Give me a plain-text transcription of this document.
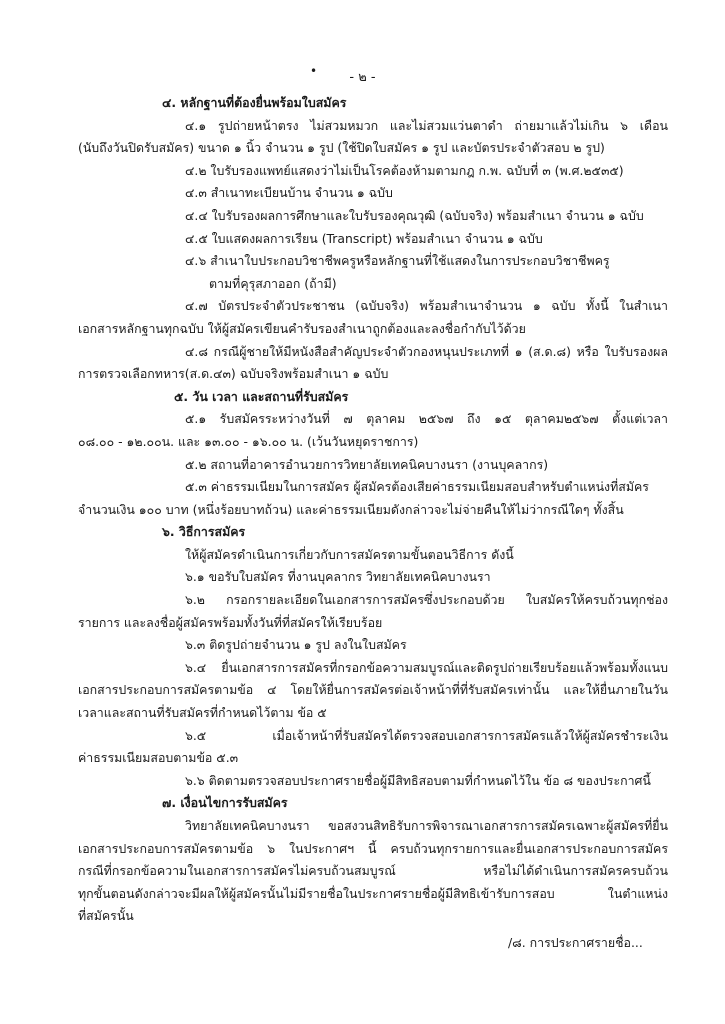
•	- ๒ -
๔. หลักฐานที่ต้องยื่นพร้อมใบสมัคร
๔.๑ รูปถ่ายหน้าตรง ไม่สวมหมวก และไม่สวมแว่นตาดำ ถ่ายมาแล้วไม่เกิน ๖ เดือน
(นับถึงวันปิดรับสมัคร) ขนาด ๑ นิ้ว จำนวน ๑ รูป (ใช้ปิดใบสมัคร ๑ รูป และบัตรประจำตัวสอบ ๒ รูป)
๔.๒ ใบรับรองแพทย์แสดงว่าไม่เป็นโรคต้องห้ามตามกฎ ก.พ. ฉบับที่ ๓ (พ.ศ.๒๕๓๕)
๔.๓ สำเนาทะเบียนบ้าน จำนวน ๑ ฉบับ
๔.๔ ใบรับรองผลการศึกษาและใบรับรองคุณวุฒิ (ฉบับจริง) พร้อมสำเนา จำนวน ๑ ฉบับ
๔.๕ ใบแสดงผลการเรียน (Transcript) พร้อมสำเนา จำนวน ๑ ฉบับ
๔.๖ สำเนาใบประกอบวิชาชีพครูหรือหลักฐานที่ใช้แสดงในการประกอบวิชาชีพครู
ตามที่คุรุสภาออก (ถ้ามี)
๔.๗ บัตรประจำตัวประชาชน (ฉบับจริง) พร้อมสำเนาจำนวน ๑ ฉบับ ทั้งนี้ ในสำเนา
เอกสารหลักฐานทุกฉบับ ให้ผู้สมัครเขียนคำรับรองสำเนาถูกต้องและลงชื่อกำกับไว้ด้วย
๔.๘ กรณีผู้ชายให้มีหนังสือสำคัญประจำตัวกองหนุนประเภทที่ ๑ (ส.ด.๘) หรือ ใบรับรองผล
การตรวจเลือกทหาร(ส.ด.๔๓) ฉบับจริงพร้อมสำเนา ๑ ฉบับ
๕. วัน เวลา และสถานที่รับสมัคร
๕.๑ รับสมัครระหว่างวันที่ ๗ ตุลาคม ๒๕๖๗ ถึง ๑๕ ตุลาคม๒๕๖๗ ตั้งแต่เวลา
๐๘.๐๐ - ๑๒.๐๐น. และ ๑๓.๐๐ - ๑๖.๐๐ น. (เว้นวันหยุดราชการ)
๕.๒ สถานที่อาคารอำนวยการวิทยาลัยเทคนิคบางนรา (งานบุคลากร)
๕.๓ ค่าธรรมเนียมในการสมัคร ผู้สมัครต้องเสียค่าธรรมเนียมสอบสำหรับตำแหน่งที่สมัคร
จำนวนเงิน ๑๐๐ บาท (หนึ่งร้อยบาทถ้วน) และค่าธรรมเนียมดังกล่าวจะไม่จ่ายคืนให้ไม่ว่ากรณีใดๆ ทั้งสิ้น
๖. วิธีการสมัคร
ให้ผู้สมัครดำเนินการเกี่ยวกับการสมัครตามขั้นตอนวิธีการ ดังนี้
๖.๑ ขอรับใบสมัคร ที่งานบุคลากร วิทยาลัยเทคนิคบางนรา
๖.๒ กรอกรายละเอียดในเอกสารการสมัครซึ่งประกอบด้วย ใบสมัครให้ครบถ้วนทุกช่อง
รายการ และลงชื่อผู้สมัครพร้อมทั้งวันที่ที่สมัครให้เรียบร้อย
๖.๓ ติดรูปถ่ายจำนวน ๑ รูป ลงในใบสมัคร
๖.๔ ยื่นเอกสารการสมัครที่กรอกข้อความสมบูรณ์และติดรูปถ่ายเรียบร้อยแล้วพร้อมทั้งแนบ
เอกสารประกอบการสมัครตามข้อ ๔ โดยให้ยื่นการสมัครต่อเจ้าหน้าที่ที่รับสมัครเท่านั้น และให้ยื่นภายในวัน
เวลาและสถานที่รับสมัครที่กำหนดไว้ตาม ข้อ ๕
๖.๕ เมื่อเจ้าหน้าที่รับสมัครได้ตรวจสอบเอกสารการสมัครแล้วให้ผู้สมัครชำระเงิน
ค่าธรรมเนียมสอบตามข้อ ๕.๓
๖.๖ ติดตามตรวจสอบประกาศรายชื่อผู้มีสิทธิสอบตามที่กำหนดไว้ใน ข้อ ๘ ของประกาศนี้
๗. เงื่อนไขการรับสมัคร
วิทยาลัยเทคนิคบางนรา ขอสงวนสิทธิรับการพิจารณาเอกสารการสมัครเฉพาะผู้สมัครที่ยื่น
เอกสารประกอบการสมัครตามข้อ ๖ ในประกาศฯ นี้ ครบถ้วนทุกรายการและยื่นเอกสารประกอบการสมัคร
กรณีที่กรอกข้อความในเอกสารการสมัครไม่ครบถ้วนสมบูรณ์ หรือไม่ได้ดำเนินการสมัครครบถ้วน
ทุกขั้นตอนดังกล่าวจะมีผลให้ผู้สมัครนั้นไม่มีรายชื่อในประกาศรายชื่อผู้มีสิทธิเข้ารับการสอบ ในตำแหน่ง
ที่สมัครนั้น
/๘. การประกาศรายชื่อ...
